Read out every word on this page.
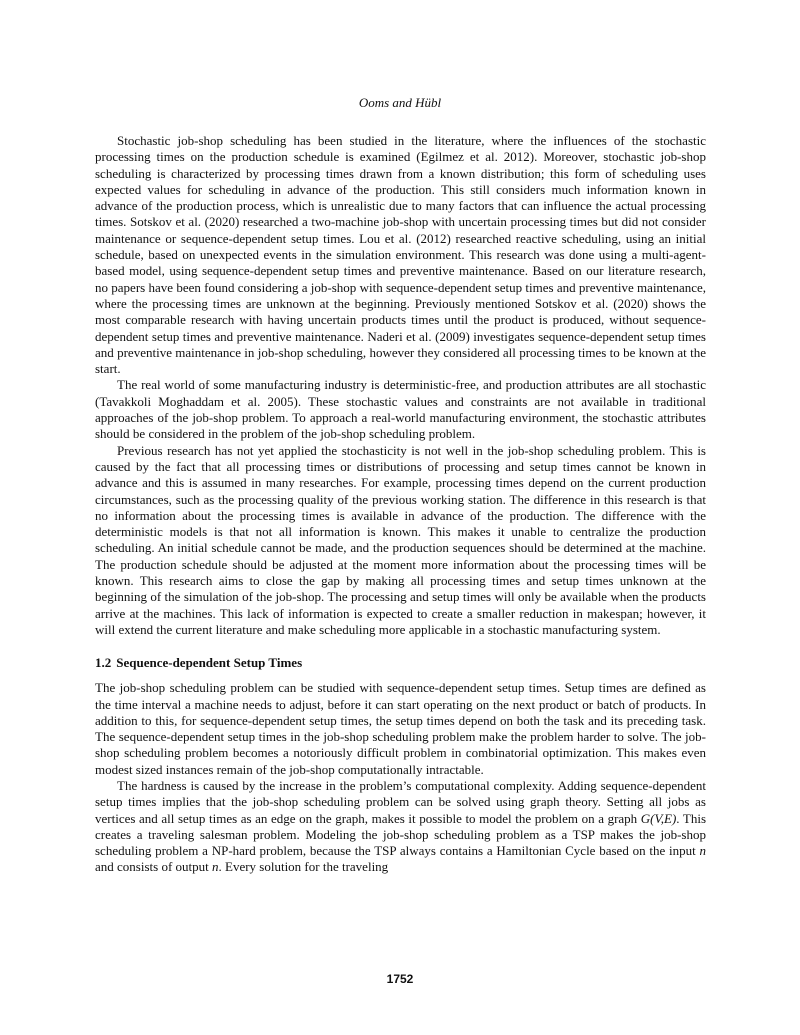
Ooms and Hübl

Stochastic job-shop scheduling has been studied in the literature, where the influences of the stochastic processing times on the production schedule is examined (Egilmez et al. 2012). Moreover, stochastic job-shop scheduling is characterized by processing times drawn from a known distribution; this form of scheduling uses expected values for scheduling in advance of the production. This still considers much information known in advance of the production process, which is unrealistic due to many factors that can influence the actual processing times. Sotskov et al. (2020) researched a two-machine job-shop with uncertain processing times but did not consider maintenance or sequence-dependent setup times. Lou et al. (2012) researched reactive scheduling, using an initial schedule, based on unexpected events in the simulation environment. This research was done using a multi-agent-based model, using sequence-dependent setup times and preventive maintenance. Based on our literature research, no papers have been found considering a job-shop with sequence-dependent setup times and preventive maintenance, where the processing times are unknown at the beginning. Previously mentioned Sotskov et al. (2020) shows the most comparable research with having uncertain products times until the product is produced, without sequence-dependent setup times and preventive maintenance. Naderi et al. (2009) investigates sequence-dependent setup times and preventive maintenance in job-shop scheduling, however they considered all processing times to be known at the start.

The real world of some manufacturing industry is deterministic-free, and production attributes are all stochastic (Tavakkoli Moghaddam et al. 2005). These stochastic values and constraints are not available in traditional approaches of the job-shop problem. To approach a real-world manufacturing environment, the stochastic attributes should be considered in the problem of the job-shop scheduling problem.

Previous research has not yet applied the stochasticity is not well in the job-shop scheduling problem. This is caused by the fact that all processing times or distributions of processing and setup times cannot be known in advance and this is assumed in many researches. For example, processing times depend on the current production circumstances, such as the processing quality of the previous working station. The difference in this research is that no information about the processing times is available in advance of the production. The difference with the deterministic models is that not all information is known. This makes it unable to centralize the production scheduling. An initial schedule cannot be made, and the production sequences should be determined at the machine. The production schedule should be adjusted at the moment more information about the processing times will be known. This research aims to close the gap by making all processing times and setup times unknown at the beginning of the simulation of the job-shop. The processing and setup times will only be available when the products arrive at the machines. This lack of information is expected to create a smaller reduction in makespan; however, it will extend the current literature and make scheduling more applicable in a stochastic manufacturing system.

1.2 Sequence-dependent Setup Times

The job-shop scheduling problem can be studied with sequence-dependent setup times. Setup times are defined as the time interval a machine needs to adjust, before it can start operating on the next product or batch of products. In addition to this, for sequence-dependent setup times, the setup times depend on both the task and its preceding task. The sequence-dependent setup times in the job-shop scheduling problem make the problem harder to solve. The job-shop scheduling problem becomes a notoriously difficult problem in combinatorial optimization. This makes even modest sized instances remain of the job-shop computationally intractable.

The hardness is caused by the increase in the problem’s computational complexity. Adding sequence-dependent setup times implies that the job-shop scheduling problem can be solved using graph theory. Setting all jobs as vertices and all setup times as an edge on the graph, makes it possible to model the problem on a graph G(V,E). This creates a traveling salesman problem. Modeling the job-shop scheduling problem as a TSP makes the job-shop scheduling problem a NP-hard problem, because the TSP always contains a Hamiltonian Cycle based on the input n and consists of output n. Every solution for the traveling

1752
